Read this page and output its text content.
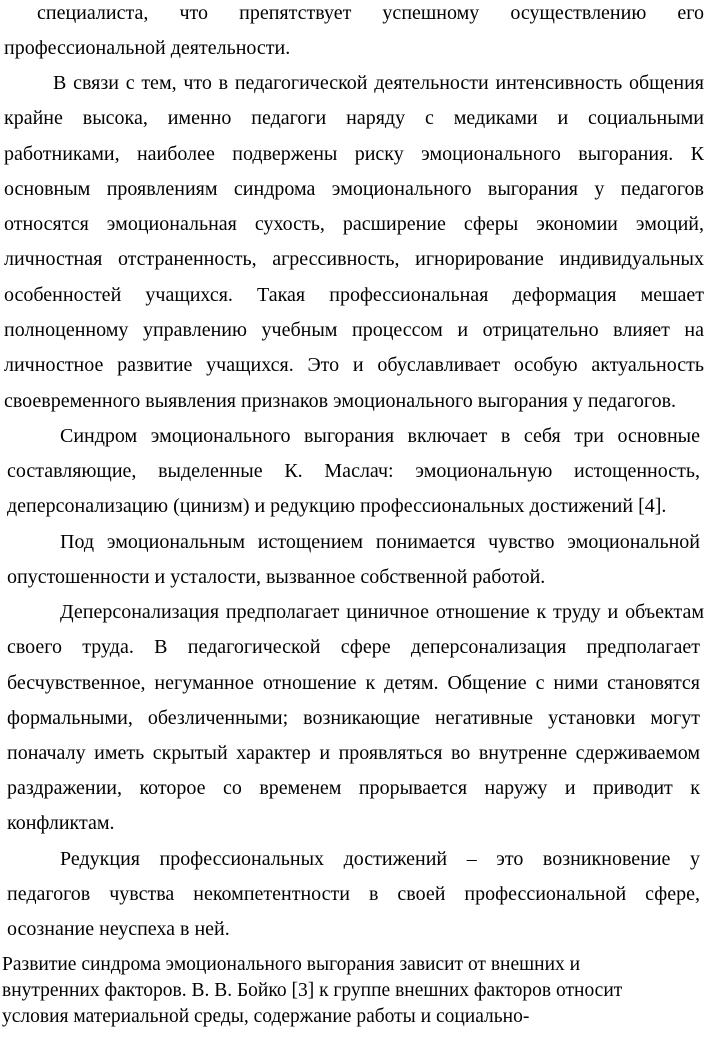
специалиста, что препятствует успешному осуществлению его
профессиональной деятельности.
В связи с тем, что в педагогической деятельности интенсивность общения
крайне высока, именно педагоги наряду с медиками и социальными
работниками, наиболее подвержены риску эмоционального выгорания. К
основным проявлениям синдрома эмоционального выгорания у педагогов
относятся эмоциональная сухость, расширение сферы экономии эмоций,
личностная отстраненность, агрессивность, игнорирование индивидуальных
особенностей учащихся. Такая профессиональная деформация мешает
полноценному управлению учебным процессом и отрицательно влияет на
личностное развитие учащихся. Это и обуславливает особую актуальность
своевременного выявления признаков эмоционального выгорания у педагогов.
Синдром эмоционального выгорания включает в себя три основные
составляющие, выделенные К. Маслач: эмоциональную истощенность,
деперсонализацию (цинизм) и редукцию профессиональных достижений [4].
Под эмоциональным истощением понимается чувство эмоциональной
опустошенности и усталости, вызванное собственной работой.
Деперсонализация предполагает циничное отношение к труду и объектам
своего труда. В педагогической сфере деперсонализация предполагает
бесчувственное, негуманное отношение к детям. Общение с ними становятся
формальными, обезличенными; возникающие негативные установки могут
поначалу иметь скрытый характер и проявляться во внутренне сдерживаемом
раздражении, которое со временем прорывается наружу и приводит к
конфликтам.
Редукция профессиональных достижений – это возникновение у
педагогов чувства некомпетентности в своей профессиональной сфере,
осознание неуспеха в ней.
Развитие синдрома эмоционального выгорания зависит от внешних и
внутренних факторов. В. В. Бойко [3] к группе внешних факторов относит
условия материальной среды, содержание работы и социально-
